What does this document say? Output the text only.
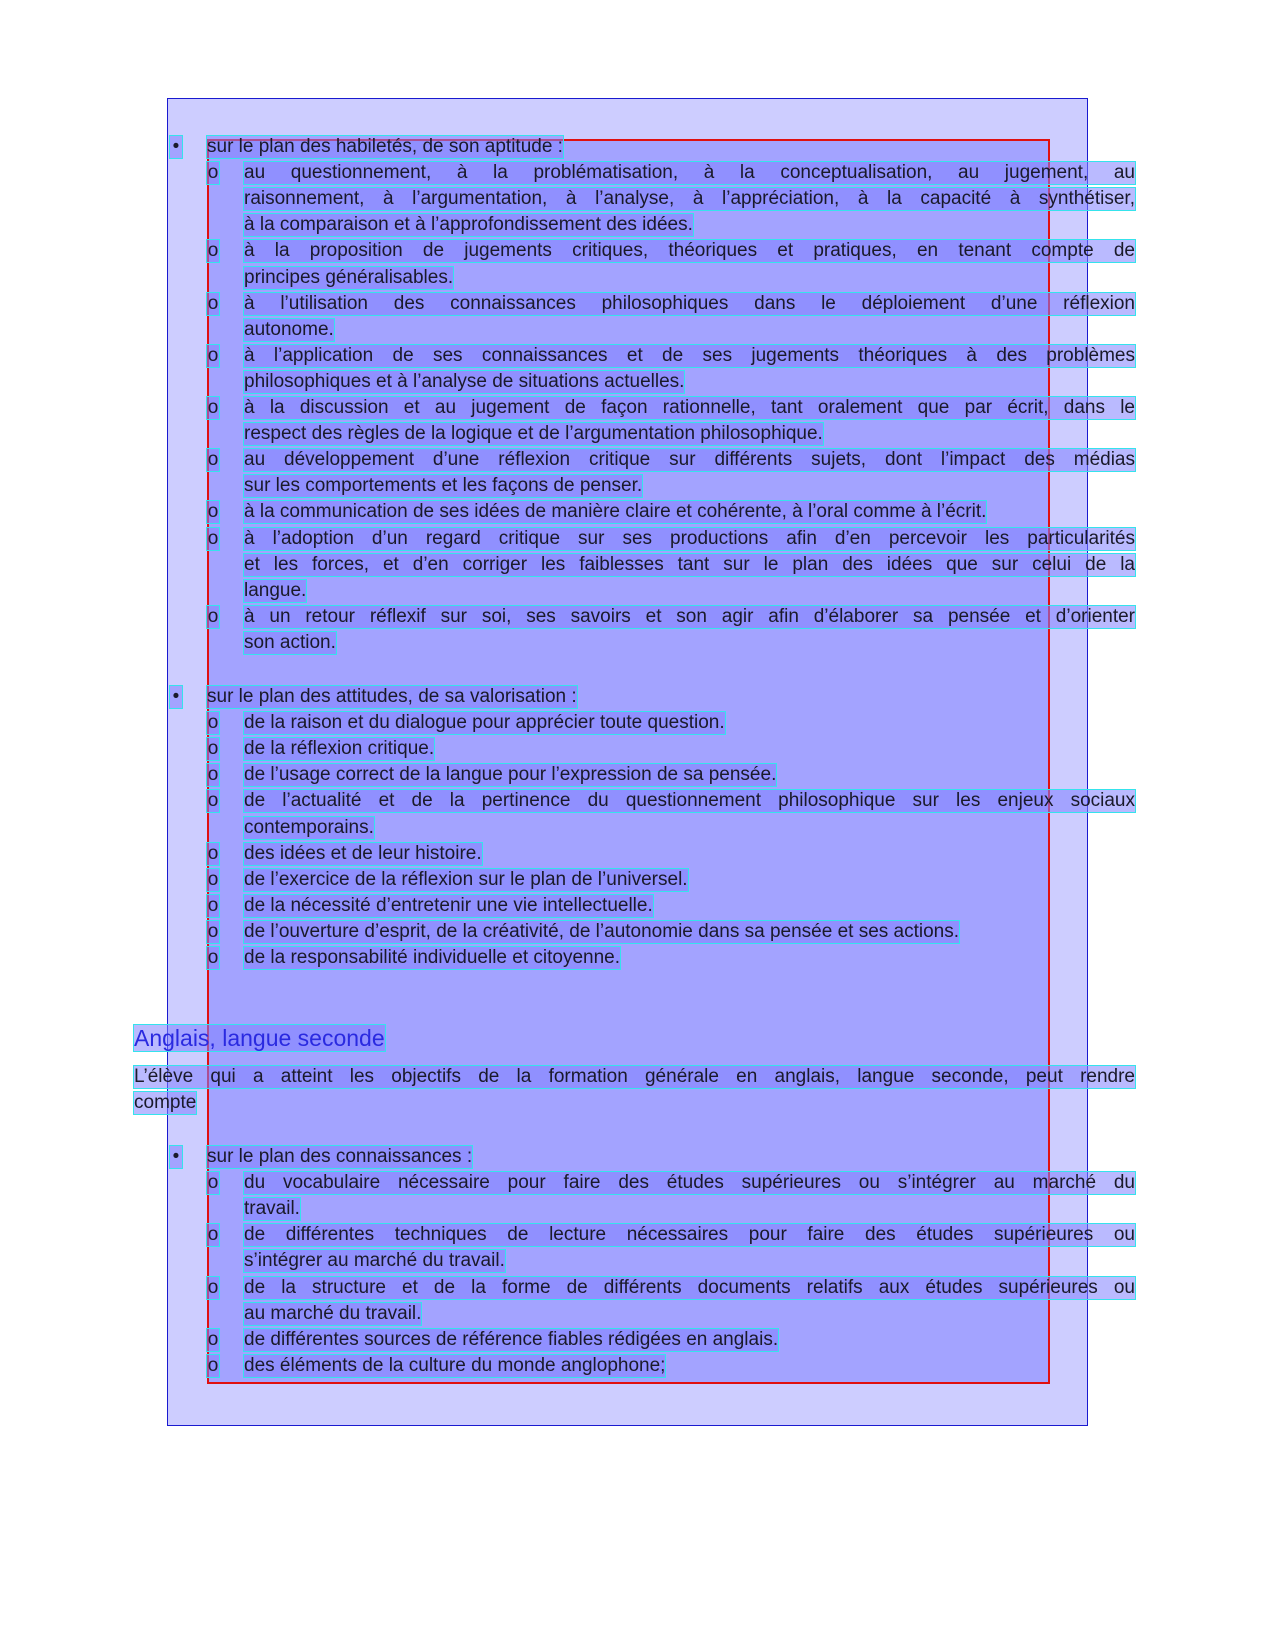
• sur le plan des habiletés, de son aptitude :
o au questionnement, à la problématisation, à la conceptualisation, au jugement, au
raisonnement, à l’argumentation, à l’analyse, à l’appréciation, à la capacité à synthétiser,
à la comparaison et à l’approfondissement des idées.
o à la proposition de jugements critiques, théoriques et pratiques, en tenant compte de
principes généralisables.
o à l’utilisation des connaissances philosophiques dans le déploiement d’une réflexion
autonome.
o à l’application de ses connaissances et de ses jugements théoriques à des problèmes
philosophiques et à l’analyse de situations actuelles.
o à la discussion et au jugement de façon rationnelle, tant oralement que par écrit, dans le
respect des règles de la logique et de l’argumentation philosophique.
o au développement d’une réflexion critique sur différents sujets, dont l’impact des médias
sur les comportements et les façons de penser.
o à la communication de ses idées de manière claire et cohérente, à l’oral comme à l’écrit.
o à l’adoption d’un regard critique sur ses productions afin d’en percevoir les particularités
et les forces, et d’en corriger les faiblesses tant sur le plan des idées que sur celui de la
langue.
o à un retour réflexif sur soi, ses savoirs et son agir afin d’élaborer sa pensée et d’orienter
son action.
• sur le plan des attitudes, de sa valorisation :
o de la raison et du dialogue pour apprécier toute question.
o de la réflexion critique.
o de l’usage correct de la langue pour l’expression de sa pensée.
o de l’actualité et de la pertinence du questionnement philosophique sur les enjeux sociaux
contemporains.
o des idées et de leur histoire.
o de l’exercice de la réflexion sur le plan de l’universel.
o de la nécessité d’entretenir une vie intellectuelle.
o de l’ouverture d’esprit, de la créativité, de l’autonomie dans sa pensée et ses actions.
o de la responsabilité individuelle et citoyenne.
Anglais, langue seconde
L’élève qui a atteint les objectifs de la formation générale en anglais, langue seconde, peut rendre
compte
• sur le plan des connaissances :
o du vocabulaire nécessaire pour faire des études supérieures ou s’intégrer au marché du
travail.
o de différentes techniques de lecture nécessaires pour faire des études supérieures ou
s’intégrer au marché du travail.
o de la structure et de la forme de différents documents relatifs aux études supérieures ou
au marché du travail.
o de différentes sources de référence fiables rédigées en anglais.
o des éléments de la culture du monde anglophone;
